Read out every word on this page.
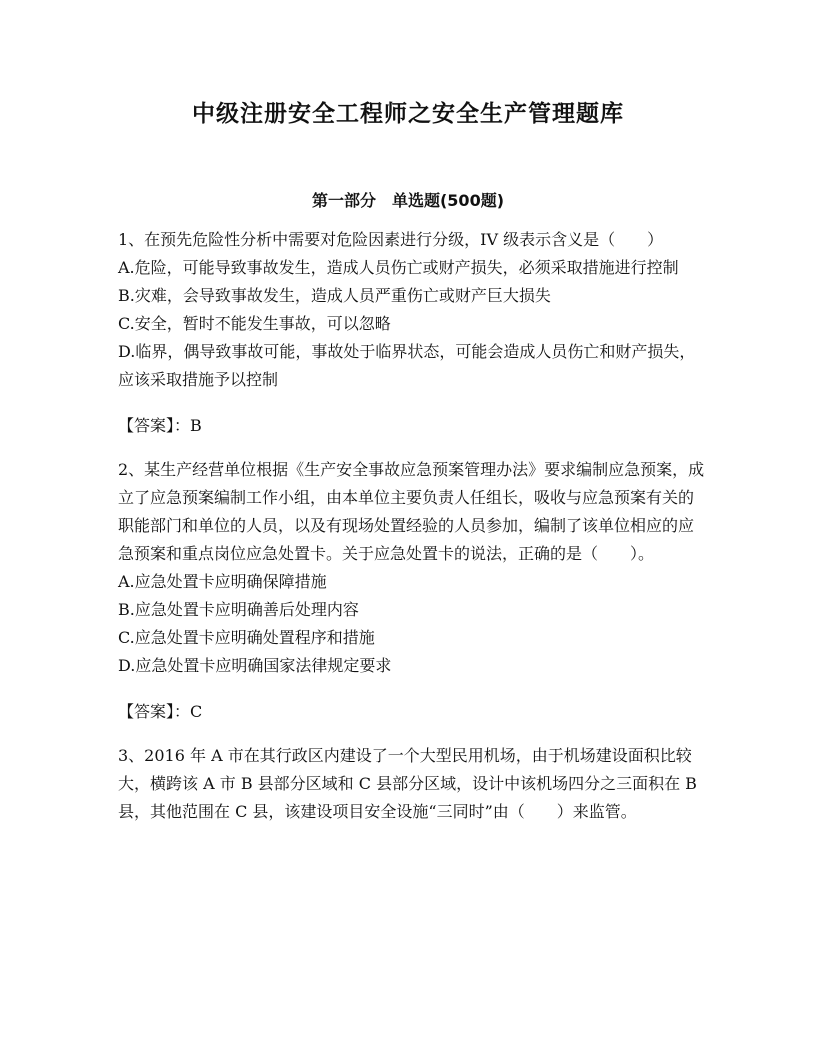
中级注册安全工程师之安全生产管理题库
第一部分　单选题(500题)

1、在预先危险性分析中需要对危险因素进行分级，IV 级表示含义是（　　）

A.危险，可能导致事故发生，造成人员伤亡或财产损失，必须采取措施进行控制

B.灾难，会导致事故发生，造成人员严重伤亡或财产巨大损失

C.安全，暂时不能发生事故，可以忽略

D.临界，偶导致事故可能，事故处于临界状态，可能会造成人员伤亡和财产损失，应该采取措施予以控制

【答案】：B

2、某生产经营单位根据《生产安全事故应急预案管理办法》要求编制应急预案，成立了应急预案编制工作小组，由本单位主要负责人任组长，吸收与应急预案有关的职能部门和单位的人员，以及有现场处置经验的人员参加，编制了该单位相应的应急预案和重点岗位应急处置卡。关于应急处置卡的说法，正确的是（　　）。

A.应急处置卡应明确保障措施

B.应急处置卡应明确善后处理内容

C.应急处置卡应明确处置程序和措施

D.应急处置卡应明确国家法律规定要求

【答案】：C

3、2016 年 A 市在其行政区内建设了一个大型民用机场，由于机场建设面积比较大，横跨该 A 市 B 县部分区域和 C 县部分区域，设计中该机场四分之三面积在 B 县，其他范围在 C 县，该建设项目安全设施“三同时”由（　　）来监管。
